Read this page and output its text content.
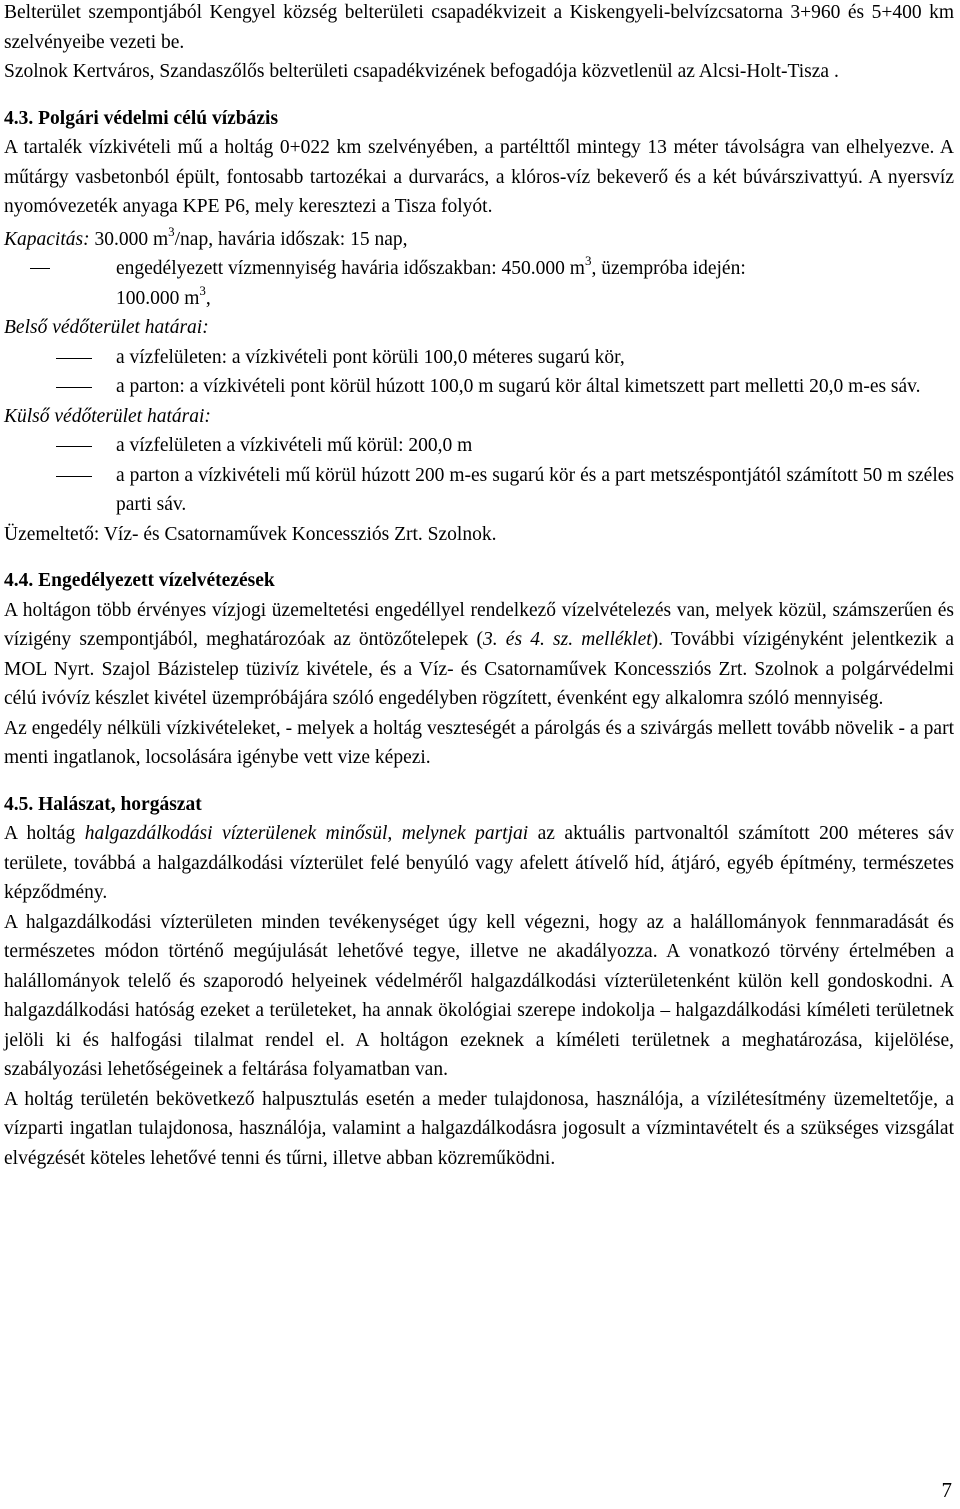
Belterület szempontjából Kengyel község belterületi csapadékvizeit a Kiskengyeli-belvízcsatorna 3+960 és 5+400 km szelvényeibe vezeti be.

Szolnok Kertváros, Szandaszőlős belterületi csapadékvizének befogadója közvetlenül az Alcsi-Holt-Tisza .

4.3. Polgári védelmi célú vízbázis

A tartalék vízkivételi mű a holtág 0+022 km szelvényében, a partélttől mintegy 13 méter távolságra van elhelyezve. A műtárgy vasbetonból épült, fontosabb tartozékai a durvarács, a klóros-víz bekeverő és a két búvárszivattyú. A nyersvíz nyomóvezeték anyaga KPE P6, mely keresztezi a Tisza folyót.

Kapacitás: 30.000 $m^3$/nap, havária időszak: 15 nap,

engedélyezett vízmennyiség havária időszakban: 450.000 $m^3$, üzempróba idején:
100.000 $m^3$,

Belső védőterület határai:

a vízfelületen: a vízkivételi pont körüli 100,0 méteres sugarú kör,
a parton: a vízkivételi pont körül húzott 100,0 m sugarú kör által kimetszett part melletti 20,0 m-es sáv.

Külső védőterület határai:

a vízfelületen a vízkivételi mű körül: 200,0 m
a parton a vízkivételi mű körül húzott 200 m-es sugarú kör és a part metszéspontjától számított 50 m széles parti sáv.

Üzemeltető: Víz- és Csatornaművek Koncessziós Zrt. Szolnok.

4.4. Engedélyezett vízelvétezések

A holtágon több érvényes vízjogi üzemeltetési engedéllyel rendelkező vízelvételezés van, melyek közül, számszerűen és vízigény szempontjából, meghatározóak az öntözőtelepek (3. és 4. sz. melléklet). További vízigényként jelentkezik a MOL Nyrt. Szajol Bázistelep tüzivíz kivétele, és a Víz- és Csatornaművek Koncessziós Zrt. Szolnok a polgárvédelmi célú ivóvíz készlet kivétel üzempróbájára szóló engedélyben rögzített, évenként egy alkalomra szóló mennyiség.

Az engedély nélküli vízkivételeket, - melyek a holtág veszteségét a párolgás és a szivárgás mellett tovább növelik - a part menti ingatlanok, locsolására igénybe vett vize képezi.

4.5. Halászat, horgászat

A holtág halgazdálkodási vízterülenek minősül, melynek partjai az aktuális partvonaltól számított 200 méteres sáv területe, továbbá a halgazdálkodási vízterület felé benyúló vagy afelett átívelő híd, átjáró, egyéb építmény, természetes képződmény.

A halgazdálkodási vízterületen minden tevékenységet úgy kell végezni, hogy az a halállományok fennmaradását és természetes módon történő megújulását lehetővé tegye, illetve ne akadályozza. A vonatkozó törvény értelmében a halállományok telelő és szaporodó helyeinek védelméről halgazdálkodási vízterületenként külön kell gondoskodni. A halgazdálkodási hatóság ezeket a területeket, ha annak ökológiai szerepe indokolja – halgazdálkodási kíméleti területnek jelöli ki és halfogási tilalmat rendel el. A holtágon ezeknek a kíméleti területnek a meghatározása, kijelölése, szabályozási lehetőségeinek a feltárása folyamatban van.

A holtág területén bekövetkező halpusztulás esetén a meder tulajdonosa, használója, a vízilétesítmény üzemeltetője, a vízparti ingatlan tulajdonosa, használója, valamint a halgazdálkodásra jogosult a vízmintavételt és a szükséges vizsgálat elvégzését köteles lehetővé tenni és tűrni, illetve abban közreműködni.

7
